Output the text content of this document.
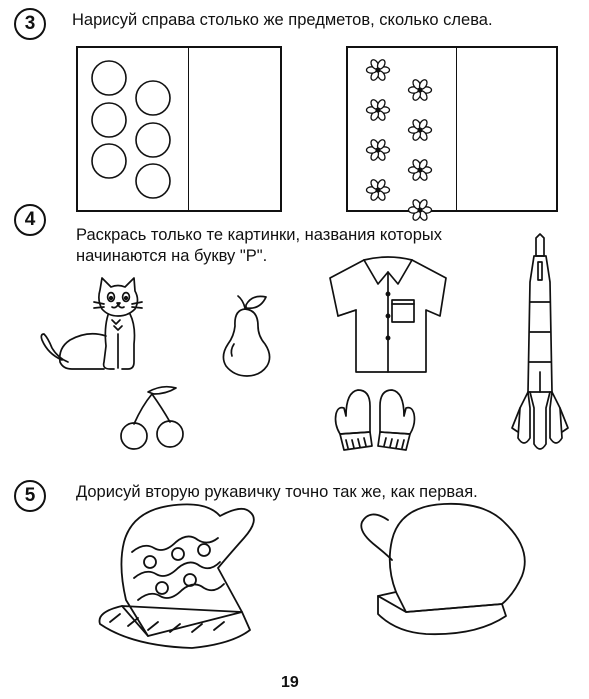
3	Нарисуй справа столько же предметов, сколько слева.
4
Раскрась только те картинки, названия которых
начинаются на букву "Р".
5	Дорисуй вторую рукавичку точно так же, как первая.
19
